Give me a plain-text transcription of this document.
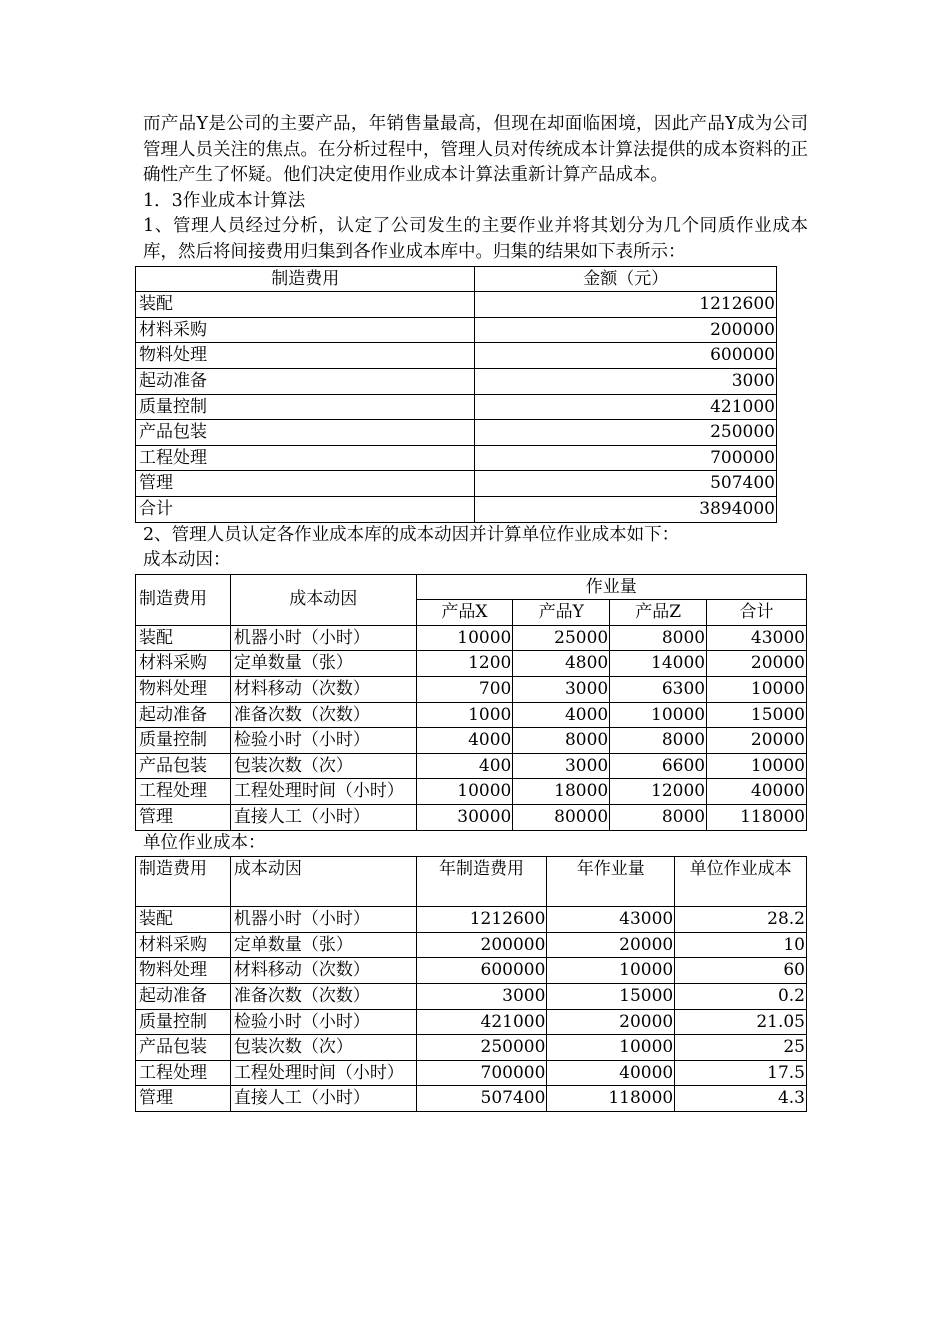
而产品Y是公司的主要产品，年销售量最高，但现在却面临困境，因此产品Y成为公司管理人员关注的焦点。在分析过程中，管理人员对传统成本计算法提供的成本资料的正确性产生了怀疑。他们决定使用作业成本计算法重新计算产品成本。

1．3作业成本计算法

1、管理人员经过分析，认定了公司发生的主要作业并将其划分为几个同质作业成本库，然后将间接费用归集到各作业成本库中。归集的结果如下表所示：

制造费用	金额（元）
装配	1212600
材料采购	200000
物料处理	600000
起动准备	3000
质量控制	421000
产品包装	250000
工程处理	700000
管理	507400
合计	3894000

2、管理人员认定各作业成本库的成本动因并计算单位作业成本如下：

成本动因：
制造费用	成本动因	作业量			
		产品X	产品Y	产品Z	合计
装配	机器小时（小时）	10000	25000	8000	43000
材料采购	定单数量（张）	1200	4800	14000	20000
物料处理	材料移动（次数）	700	3000	6300	10000
起动准备	准备次数（次数）	1000	4000	10000	15000
质量控制	检验小时（小时）	4000	8000	8000	20000
产品包装	包装次数（次）	400	3000	6600	10000
工程处理	工程处理时间（小时）	10000	18000	12000	40000
管理	直接人工（小时）	30000	80000	8000	118000
单位作业成本：
制造费用	成本动因	年制造费用	年作业量	单位作业成本
装配	机器小时（小时）	1212600	43000	28.2
材料采购	定单数量（张）	200000	20000	10
物料处理	材料移动（次数）	600000	10000	60
起动准备	准备次数（次数）	3000	15000	0.2
质量控制	检验小时（小时）	421000	20000	21.05
产品包装	包装次数（次）	250000	10000	25
工程处理	工程处理时间（小时）	700000	40000	17.5
管理	直接人工（小时）	507400	118000	4.3
